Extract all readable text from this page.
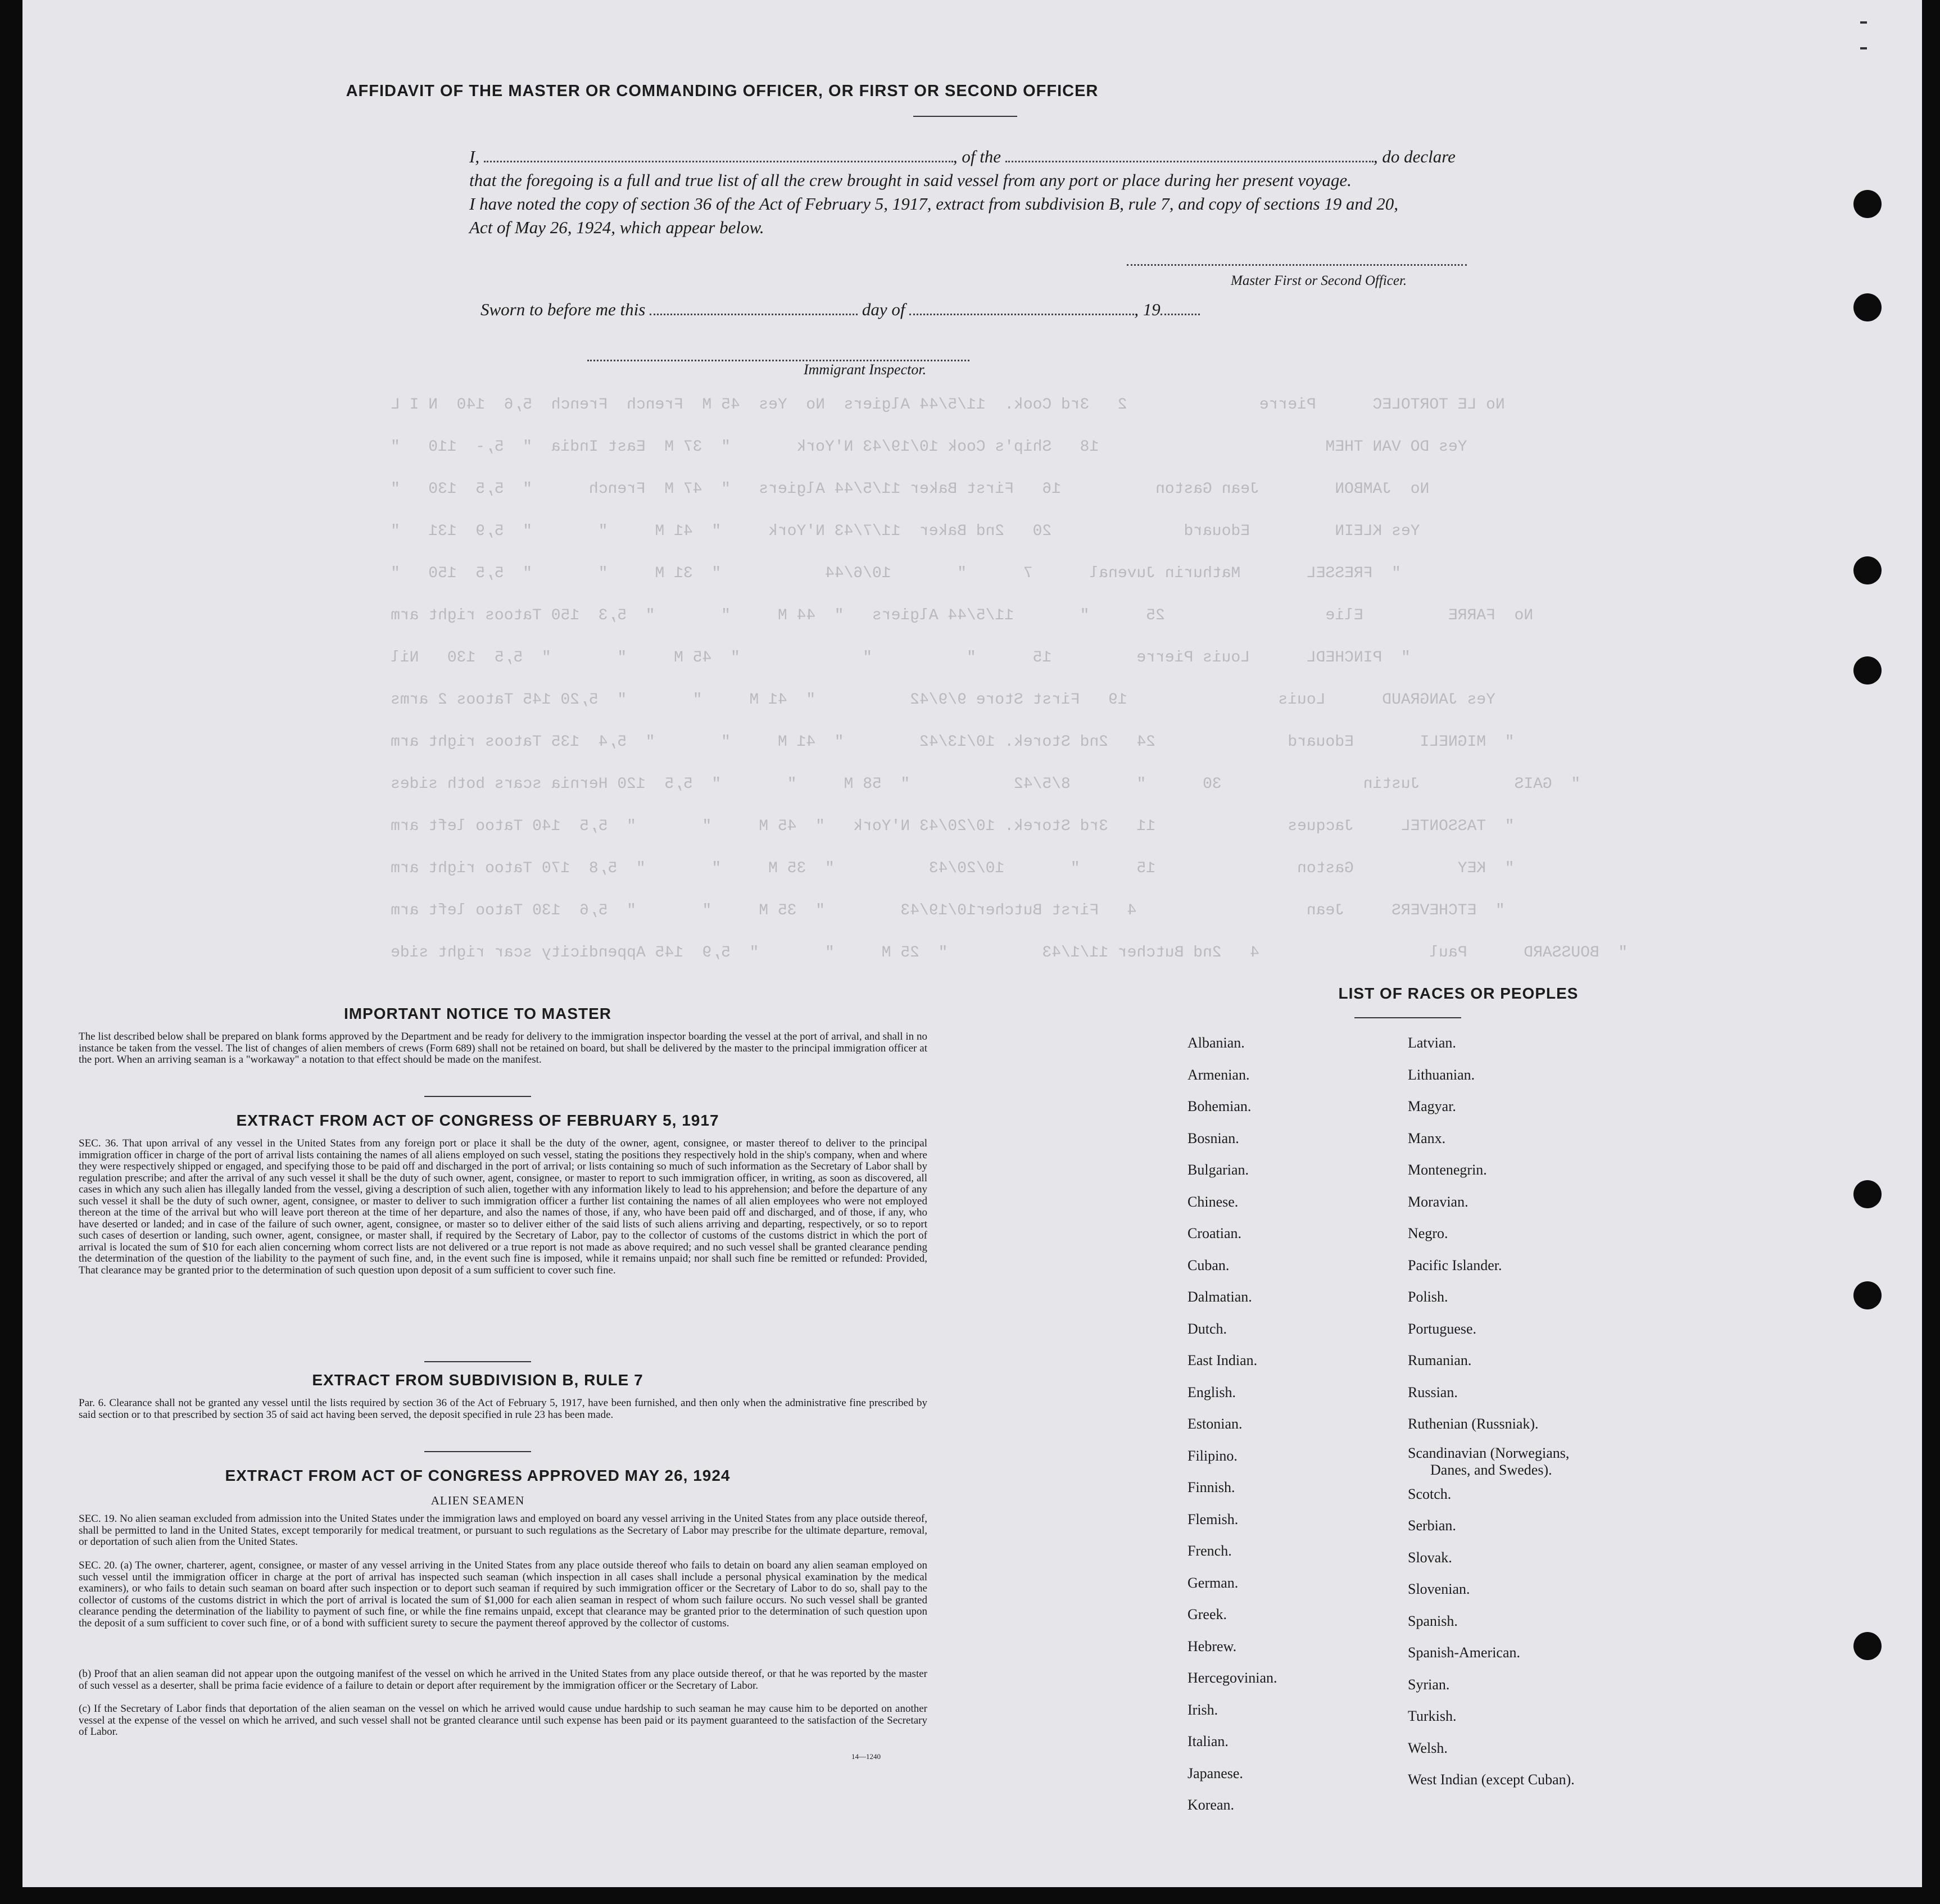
Nо LE TORTOLEC      Pierre              2   3rd Cook.  11/5/44 Algiers  No  Yes  45 M  French  French  5,6  140  N I L
Yes DO VAN THEM                        18   Ship's Cook 10/19/43 N'York       "  37 M  East India  "  5,-  110   "
No  JAMBON        Jean Gaston          16   First Baker 11/5/44 Algiers   "  47 M  French      "  5,5  130   "
Yes KLEIN         Edouard              20   2nd Baker  11/7/43 N'York     "  41 M     "       "  5,9  131   "
"  FRESSEL       Mathurin Juvenal      7      "       10/6/44           "  31 M     "       "  5,5  150   "
No  FARRE         Elie                 25      "       11/5/44 Algiers   "  44 M     "       "  5,3  150 Tatoos right arm
"  PINCHEDL      Louis Pierre         15      "          "             "  45 M     "       "  5,5  130   Nil
Yes JANGRAUD      Louis                19   First Store 9/9/42          "  41 M     "       "  5,20 145 Tatoos 2 arms
"  MIGNELI       Edouard              24   2nd Storek. 10/13/42        "  41 M     "       "  5,4  135 Tatoos right arm
"  GAIS          Justin               30      "       8/5/42           "  58 M     "       "  5,5  120 Hernia scars both sides
"  TASSONTEL     Jacques              11   3rd Storek. 10/20/43 N'York   "  45 M     "       "  5,5  140 Tatoo left arm
"  KEY           Gaston               15      "       10/20/43          "  35 M     "       "  5,8  170 Tatoo right arm
"  ETCHEVERS     Jean                  4   First Butcher10/19/43        "  35 M     "       "  5,6  130 Tatoo left arm
"  BOUSSARD      Paul                  4   2nd Butcher 11/1/43          "  25 M     "       "  5,9  145 Appendicity scar right side
AFFIDAVIT OF THE MASTER OR COMMANDING OFFICER, OR FIRST OR SECOND OFFICER
I,	, of the	, do declare
that the foregoing is a full and true list of all the crew brought in said vessel from any port or place during her present voyage.
I have noted the copy of section 36 of the Act of February 5, 1917, extract from subdivision B, rule 7, and copy of sections 19 and 20,
Act of May 26, 1924, which appear below.
Master First or Second Officer.
Sworn to before me this	day of	, 19
Immigrant Inspector.
IMPORTANT NOTICE TO MASTER
The list described below shall be prepared on blank forms approved by the Department and be ready for delivery to the immigration inspector boarding the vessel at the port of arrival, and shall in no instance be taken from the vessel. The list of changes of alien members of crews (Form 689) shall not be retained on board, but shall be delivered by the master to the principal immigration officer at the port. When an arriving seaman is a "workaway" a notation to that effect should be made on the manifest.
EXTRACT FROM ACT OF CONGRESS OF FEBRUARY 5, 1917
SEC. 36. That upon arrival of any vessel in the United States from any foreign port or place it shall be the duty of the owner, agent, consignee, or master thereof to deliver to the principal immigration officer in charge of the port of arrival lists containing the names of all aliens employed on such vessel, stating the positions they respectively hold in the ship's company, when and where they were respectively shipped or engaged, and specifying those to be paid off and discharged in the port of arrival; or lists containing so much of such information as the Secretary of Labor shall by regulation prescribe; and after the arrival of any such vessel it shall be the duty of such owner, agent, consignee, or master to report to such immigration officer, in writing, as soon as discovered, all cases in which any such alien has illegally landed from the vessel, giving a description of such alien, together with any information likely to lead to his apprehension; and before the departure of any such vessel it shall be the duty of such owner, agent, consignee, or master to deliver to such immigration officer a further list containing the names of all alien employees who were not employed thereon at the time of the arrival but who will leave port thereon at the time of her departure, and also the names of those, if any, who have been paid off and discharged, and of those, if any, who have deserted or landed; and in case of the failure of such owner, agent, consignee, or master so to deliver either of the said lists of such aliens arriving and departing, respectively, or so to report such cases of desertion or landing, such owner, agent, consignee, or master shall, if required by the Secretary of Labor, pay to the collector of customs of the customs district in which the port of arrival is located the sum of $10 for each alien concerning whom correct lists are not delivered or a true report is not made as above required; and no such vessel shall be granted clearance pending the determination of the question of the liability to the payment of such fine, and, in the event such fine is imposed, while it remains unpaid; nor shall such fine be remitted or refunded: Provided, That clearance may be granted prior to the determination of such question upon deposit of a sum sufficient to cover such fine.
EXTRACT FROM SUBDIVISION B, RULE 7
Par. 6. Clearance shall not be granted any vessel until the lists required by section 36 of the Act of February 5, 1917, have been furnished, and then only when the administrative fine prescribed by said section or to that prescribed by section 35 of said act having been served, the deposit specified in rule 23 has been made.
EXTRACT FROM ACT OF CONGRESS APPROVED MAY 26, 1924
ALIEN SEAMEN
SEC. 19. No alien seaman excluded from admission into the United States under the immigration laws and employed on board any vessel arriving in the United States from any place outside thereof, shall be permitted to land in the United States, except temporarily for medical treatment, or pursuant to such regulations as the Secretary of Labor may prescribe for the ultimate departure, removal, or deportation of such alien from the United States.
SEC. 20. (a) The owner, charterer, agent, consignee, or master of any vessel arriving in the United States from any place outside thereof who fails to detain on board any alien seaman employed on such vessel until the immigration officer in charge at the port of arrival has inspected such seaman (which inspection in all cases shall include a personal physical examination by the medical examiners), or who fails to detain such seaman on board after such inspection or to deport such seaman if required by such immigration officer or the Secretary of Labor to do so, shall pay to the collector of customs of the customs district in which the port of arrival is located the sum of $1,000 for each alien seaman in respect of whom such failure occurs. No such vessel shall be granted clearance pending the determination of the liability to payment of such fine, or while the fine remains unpaid, except that clearance may be granted prior to the determination of such question upon the deposit of a sum sufficient to cover such fine, or of a bond with sufficient surety to secure the payment thereof approved by the collector of customs.
(b) Proof that an alien seaman did not appear upon the outgoing manifest of the vessel on which he arrived in the United States from any place outside thereof, or that he was reported by the master of such vessel as a deserter, shall be prima facie evidence of a failure to detain or deport after requirement by the immigration officer or the Secretary of Labor.
(c) If the Secretary of Labor finds that deportation of the alien seaman on the vessel on which he arrived would cause undue hardship to such seaman he may cause him to be deported on another vessel at the expense of the vessel on which he arrived, and such vessel shall not be granted clearance until such expense has been paid or its payment guaranteed to the satisfaction of the Secretary of Labor.
14—1240
LIST OF RACES OR PEOPLES
Albanian.
Armenian.
Bohemian.
Bosnian.
Bulgarian.
Chinese.
Croatian.
Cuban.
Dalmatian.
Dutch.
East Indian.
English.
Estonian.
Filipino.
Finnish.
Flemish.
French.
German.
Greek.
Hebrew.
Hercegovinian.
Irish.
Italian.
Japanese.
Korean.
Latvian.
Lithuanian.
Magyar.
Manx.
Montenegrin.
Moravian.
Negro.
Pacific Islander.
Polish.
Portuguese.
Rumanian.
Russian.
Ruthenian (Russniak).
Scandinavian (Norwegians,
Danes, and Swedes).
Scotch.
Serbian.
Slovak.
Slovenian.
Spanish.
Spanish-American.
Syrian.
Turkish.
Welsh.
West Indian (except Cuban).
